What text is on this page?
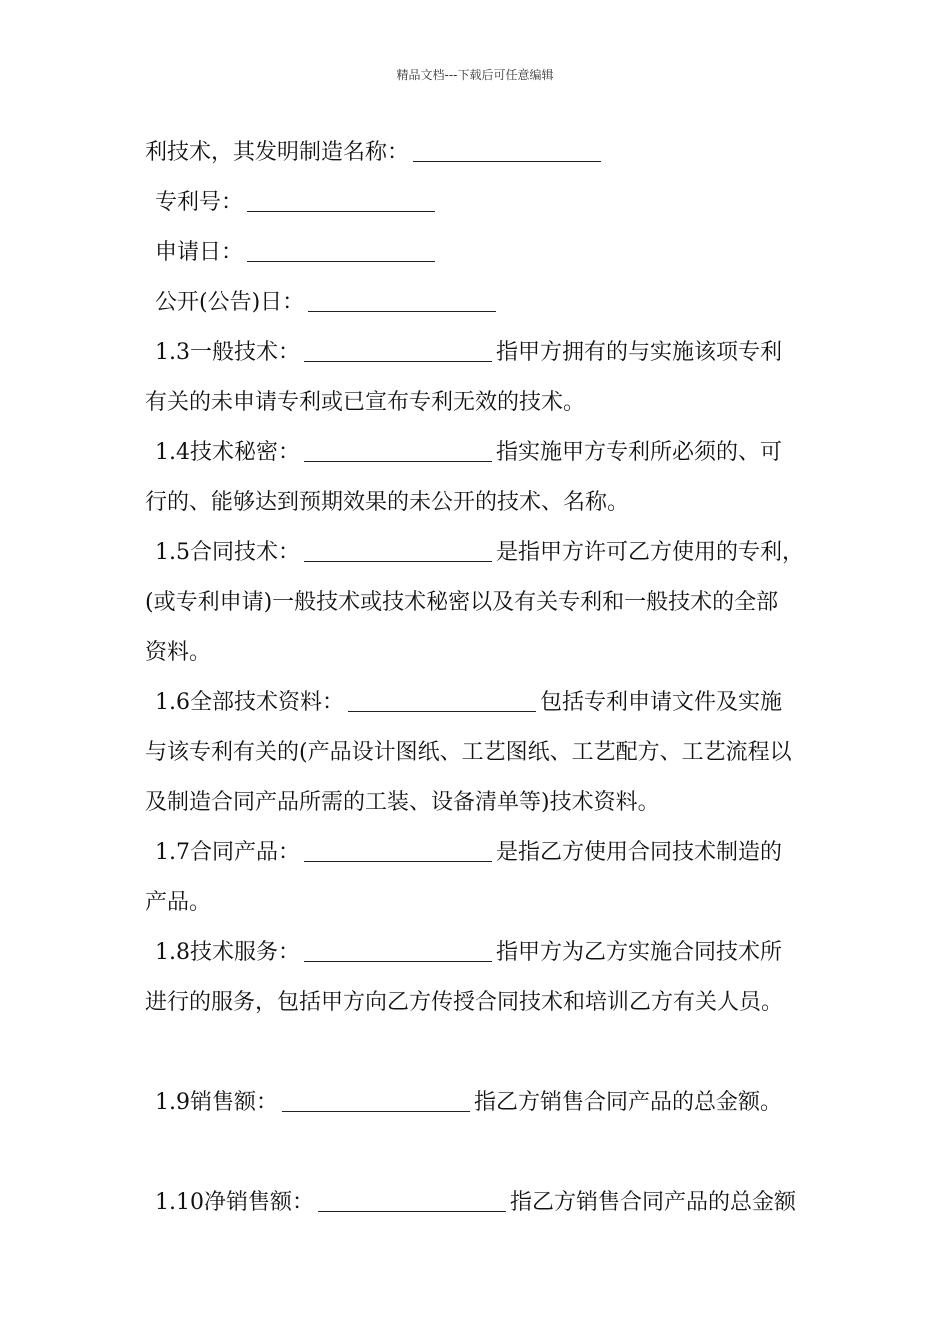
精品文档---下载后可任意编辑
利技术，其发明制造名称：
专利号：
申请日：
公开(公告)日：
1.3一般技术：	指甲方拥有的与实施该项专利
有关的未申请专利或已宣布专利无效的技术。
1.4技术秘密：	指实施甲方专利所必须的、可
行的、能够达到预期效果的未公开的技术、名称。
1.5合同技术：	是指甲方许可乙方使用的专利，
(或专利申请)一般技术或技术秘密以及有关专利和一般技术的全部
资料。
1.6全部技术资料：	包括专利申请文件及实施
与该专利有关的(产品设计图纸、工艺图纸、工艺配方、工艺流程以
及制造合同产品所需的工装、设备清单等)技术资料。
1.7合同产品：	是指乙方使用合同技术制造的
产品。
1.8技术服务：	指甲方为乙方实施合同技术所
进行的服务，包括甲方向乙方传授合同技术和培训乙方有关人员。
1.9销售额：	指乙方销售合同产品的总金额。
1.10净销售额：	指乙方销售合同产品的总金额
